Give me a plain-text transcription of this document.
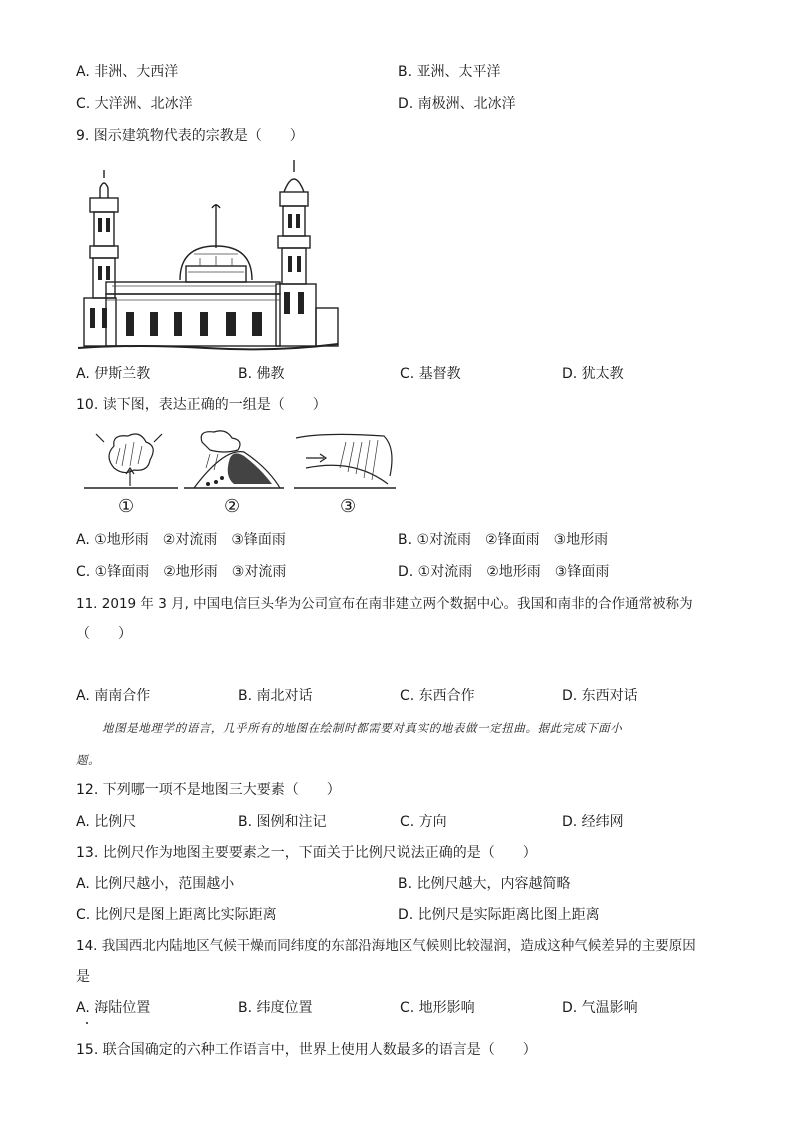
A. 非洲、大西洋	B. 亚洲、太平洋
C. 大洋洲、北冰洋	D. 南极洲、北冰洋
9. 图示建筑物代表的宗教是（　　）
A. 伊斯兰教	B. 佛教	C. 基督教	D. 犹太教
10. 读下图，表达正确的一组是（　　）
①	②	③
A. ①地形雨　②对流雨　③锋面雨	B. ①对流雨　②锋面雨　③地形雨
C. ①锋面雨　②地形雨　③对流雨	D. ①对流雨　②地形雨　③锋面雨
11. 2019 年 3 月, 中国电信巨头华为公司宣布在南非建立两个数据中心。我国和南非的合作通常被称为
（　　）
A. 南南合作	B. 南北对话	C. 东西合作	D. 东西对话
地图是地理学的语言，几乎所有的地图在绘制时都需要对真实的地表做一定扭曲。据此完成下面小
题。
12. 下列哪一项不是地图三大要素（　　）
A. 比例尺	B. 图例和注记	C. 方向	D. 经纬网
13. 比例尺作为地图主要要素之一，下面关于比例尺说法正确的是（　　）
A. 比例尺越小，范围越小	B. 比例尺越大，内容越简略
C. 比例尺是图上距离比实际距离	D. 比例尺是实际距离比图上距离
14. 我国西北内陆地区气候干燥而同纬度的东部沿海地区气候则比较湿润，造成这种气候差异的主要原因
是
A. 海陆位置	B. 纬度位置	C. 地形影响	D. 气温影响
15. 联合国确定的六种工作语言中，世界上使用人数最多的语言是（　　）
